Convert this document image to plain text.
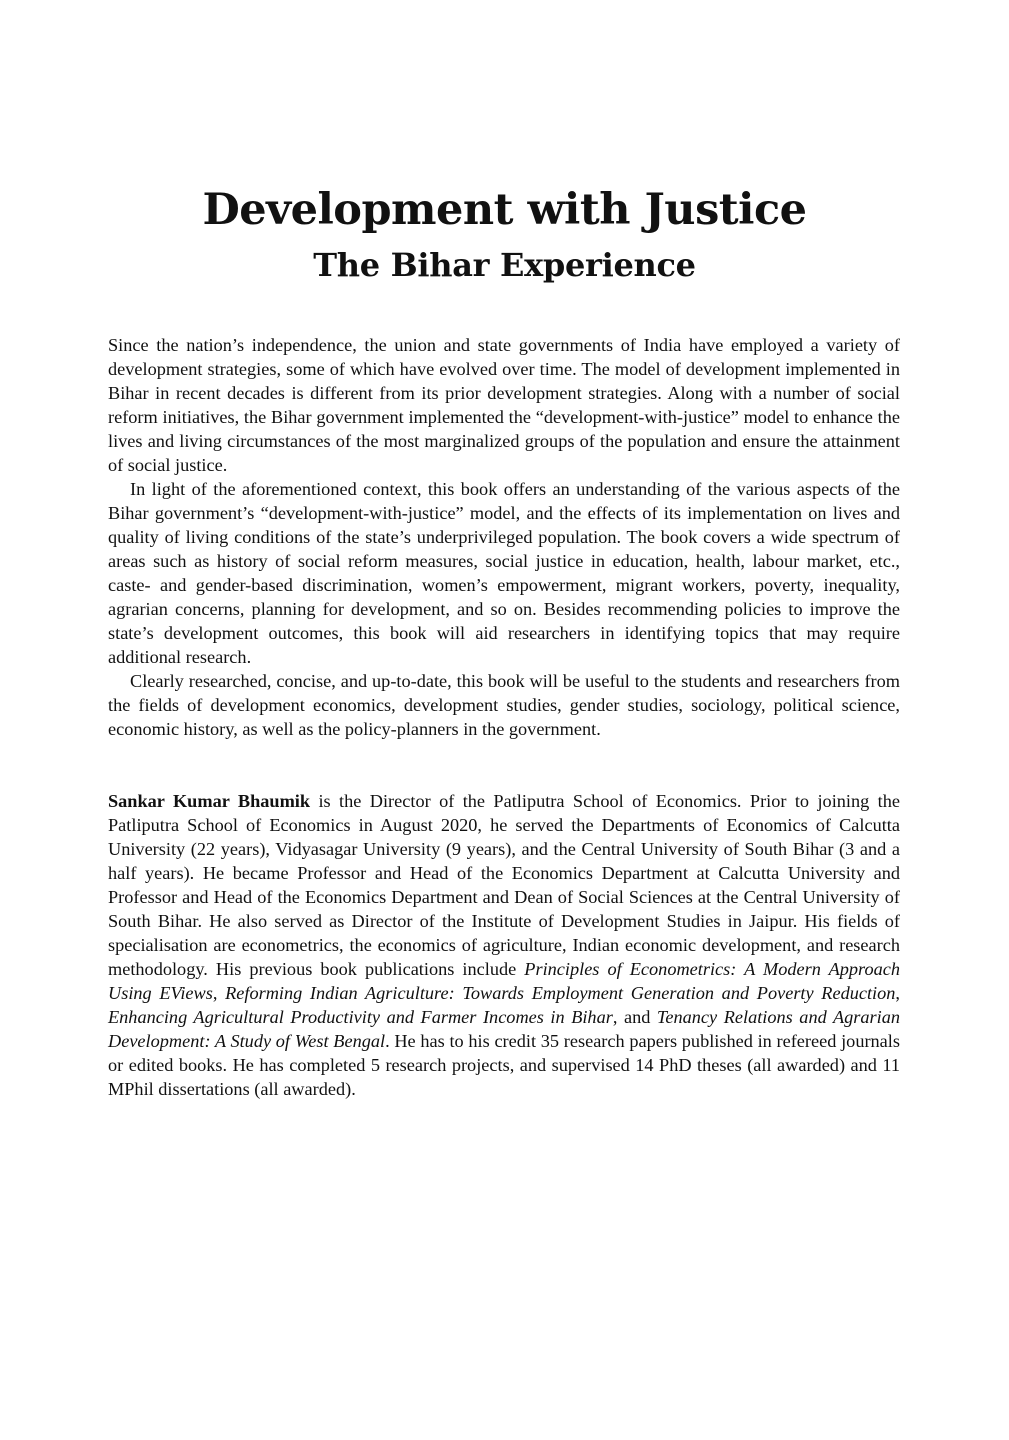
Development with Justice
The Bihar Experience

Since the nation’s independence, the union and state governments of India have employed a variety of development strategies, some of which have evolved over time. The model of development implemented in Bihar in recent decades is different from its prior development strategies. Along with a number of social reform initiatives, the Bihar government implemented the “development-with-justice” model to enhance the lives and living circumstances of the most marginalized groups of the population and ensure the attainment of social justice.

In light of the aforementioned context, this book offers an understanding of the various aspects of the Bihar government’s “development-with-justice” model, and the effects of its implementation on lives and quality of living conditions of the state’s underprivileged population. The book covers a wide spectrum of areas such as history of social reform measures, social justice in education, health, labour market, etc., caste- and gender-based discrimination, women’s empowerment, migrant workers, poverty, inequality, agrarian concerns, planning for development, and so on. Besides recommending policies to improve the state’s development outcomes, this book will aid researchers in identifying topics that may require additional research.

Clearly researched, concise, and up-to-date, this book will be useful to the students and researchers from the fields of development economics, development studies, gender studies, sociology, political science, economic history, as well as the policy-planners in the government.

Sankar Kumar Bhaumik is the Director of the Patliputra School of Economics. Prior to joining the Patliputra School of Economics in August 2020, he served the Departments of Economics of Calcutta University (22 years), Vidyasagar University (9 years), and the Central University of South Bihar (3 and a half years). He became Professor and Head of the Economics Department at Calcutta University and Professor and Head of the Economics Department and Dean of Social Sciences at the Central University of South Bihar. He also served as Director of the Institute of Development Studies in Jaipur. His fields of specialisation are econometrics, the economics of agriculture, Indian economic development, and research methodology. His previous book publications include Principles of Econometrics: A Modern Approach Using EViews, Reforming Indian Agriculture: Towards Employment Generation and Poverty Reduction, Enhancing Agricultural Productivity and Farmer Incomes in Bihar, and Tenancy Relations and Agrarian Development: A Study of West Bengal. He has to his credit 35 research papers published in refereed journals or edited books. He has completed 5 research projects, and supervised 14 PhD theses (all awarded) and 11 MPhil dissertations (all awarded).
